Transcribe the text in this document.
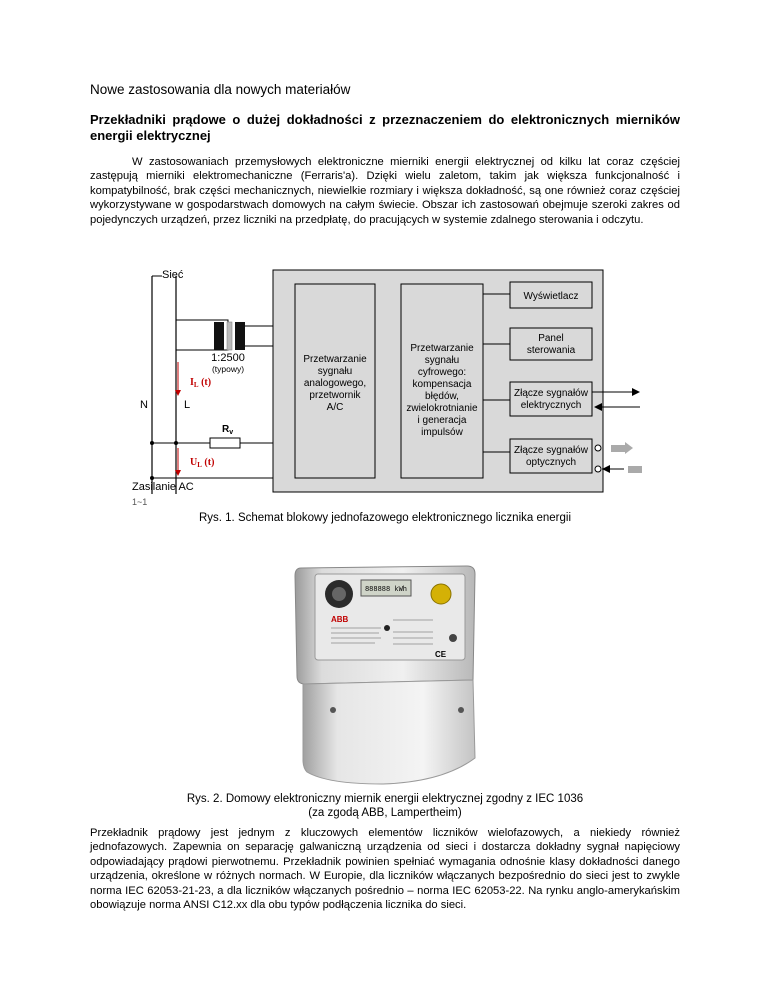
Nowe zastosowania dla nowych materiałów
Przekładniki prądowe o dużej dokładności z przeznaczeniem do elektronicznych mierników energii elektrycznej
W zastosowaniach przemysłowych elektroniczne mierniki energii elektrycznej od kilku lat coraz częściej zastępują mierniki elektromechaniczne (Ferraris'a). Dzięki wielu zaletom, takim jak większa funkcjonalność i kompatybilność, brak części mechanicznych, niewielkie rozmiary i większa dokładność, są one również coraz częściej wykorzystywane w gospodarstwach domowych na całym świecie. Obszar ich zastosowań obejmuje szeroki zakres od pojedynczych urządzeń, przez liczniki na przedpłatę, do pracujących w systemie zdalnego sterowania i odczytu.
Sieć
1:2500
(typowy)
$I_L$ (t)
N	L
$R_v$
$U_L$ (t)
Zasilanie AC
1~1
Przetwarzanie
sygnału
analogowego,
przetwornik
A/C
Przetwarzanie
sygnału
cyfrowego:
kompensacja
błędów,
zwielokrotnianie
i generacja
impulsów
Wyświetlacz
Panel
sterowania
Złącze sygnałów
elektrycznych
Złącze sygnałów
optycznych
Rys. 1. Schemat blokowy jednofazowego elektronicznego licznika energii
888888 kWh
ABB
CE
Rys. 2. Domowy elektroniczny miernik energii elektrycznej zgodny z IEC 1036
(za zgodą ABB, Lampertheim)
Przekładnik prądowy jest jednym z kluczowych elementów liczników wielofazowych, a niekiedy również jednofazowych. Zapewnia on separację galwaniczną urządzenia od sieci i dostarcza dokładny sygnał napięciowy odpowiadający prądowi pierwotnemu. Przekładnik powinien spełniać wymagania odnośnie klasy dokładności danego urządzenia, określone w różnych normach. W Europie, dla liczników włączanych bezpośrednio do sieci jest to zwykle norma IEC 62053-21-23, a dla liczników włączanych pośrednio – norma IEC 62053-22. Na rynku anglo-amerykańskim obowiązuje norma ANSI C12.xx dla obu typów podłączenia licznika do sieci.
